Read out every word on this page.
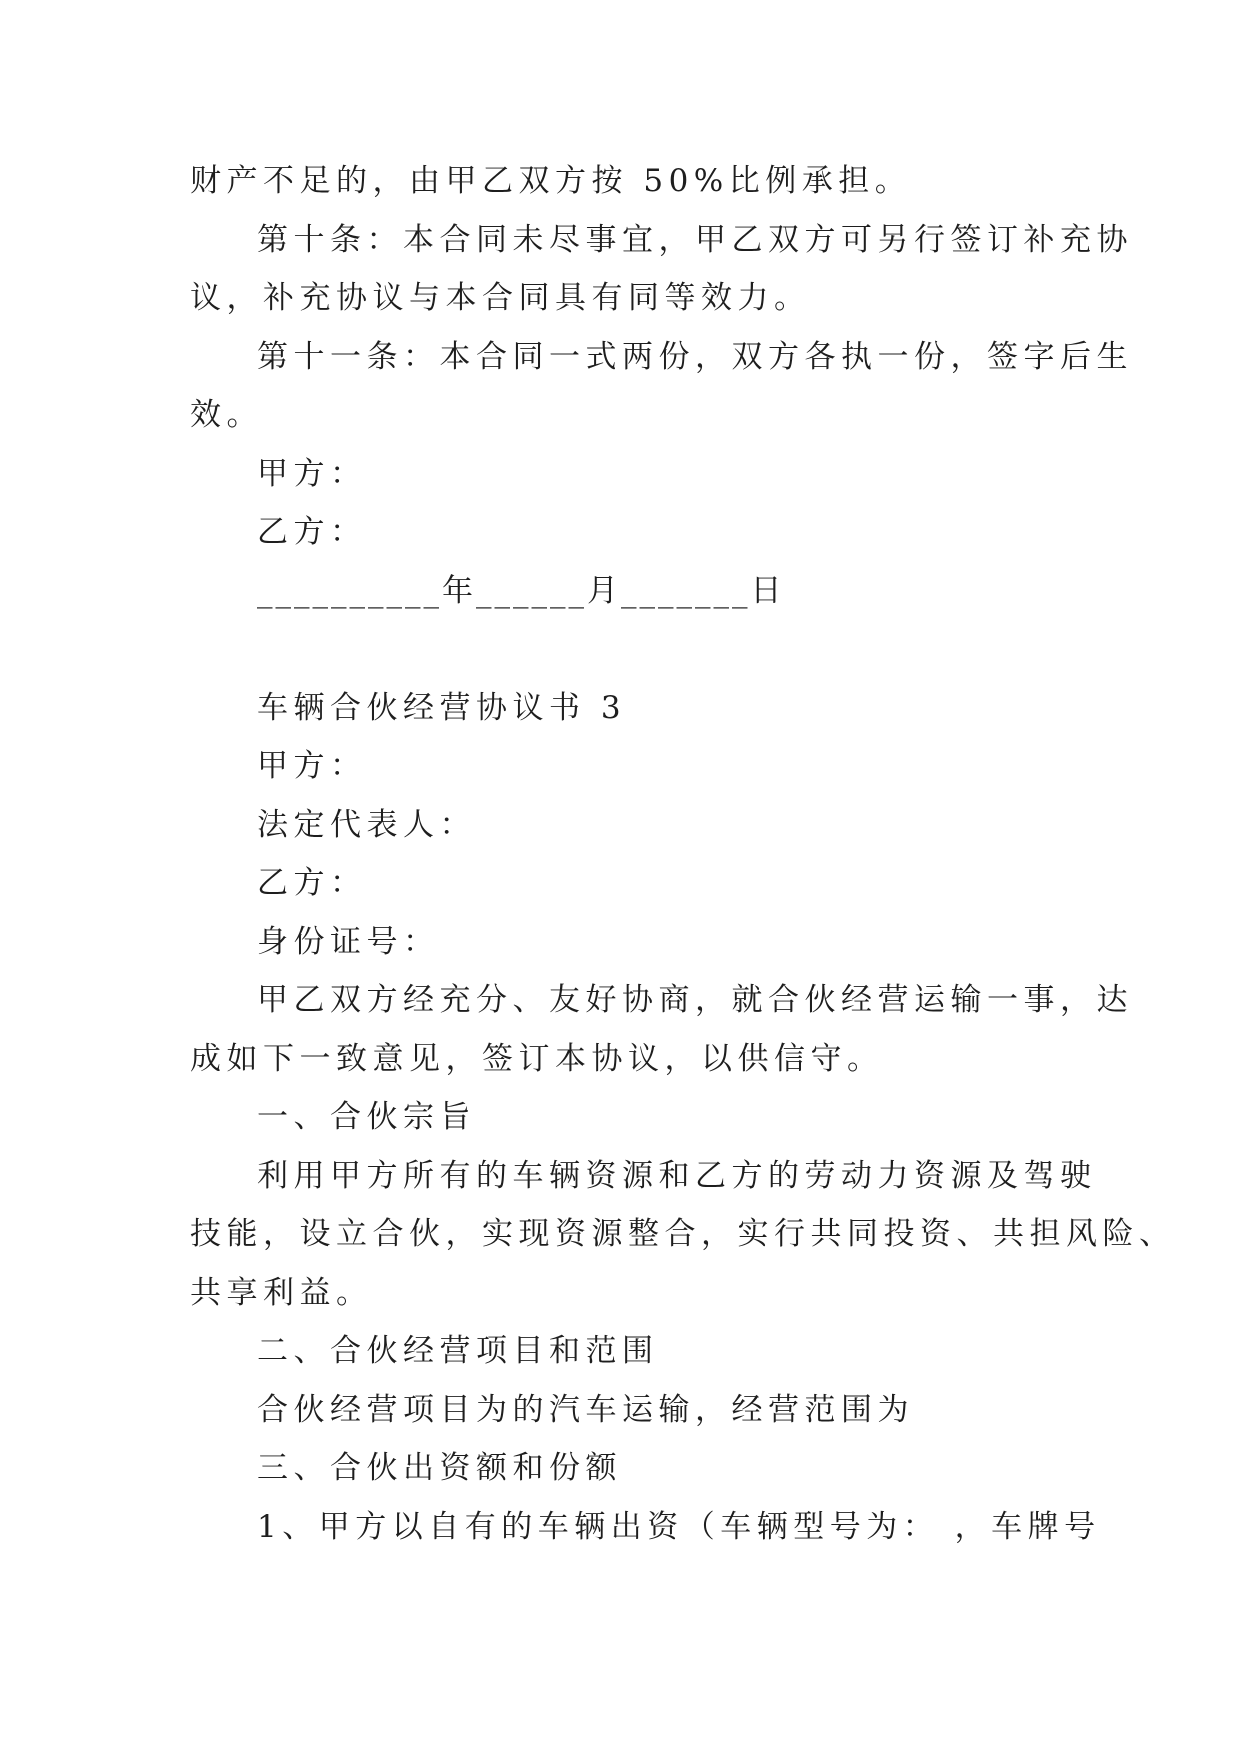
财产不足的，由甲乙双方按 50%比例承担。
第十条：本合同未尽事宜，甲乙双方可另行签订补充协
议，补充协议与本合同具有同等效力。
第十一条：本合同一式两份，双方各执一份，签字后生
效。
甲方：
乙方：
__________年______月_______日
车辆合伙经营协议书 3
甲方：
法定代表人：
乙方：
身份证号：
甲乙双方经充分、友好协商，就合伙经营运输一事，达
成如下一致意见，签订本协议，以供信守。
一、合伙宗旨
利用甲方所有的车辆资源和乙方的劳动力资源及驾驶
技能，设立合伙，实现资源整合，实行共同投资、共担风险、
共享利益。
二、合伙经营项目和范围
合伙经营项目为的汽车运输，经营范围为
三、合伙出资额和份额
1、甲方以自有的车辆出资（车辆型号为： ，车牌号
